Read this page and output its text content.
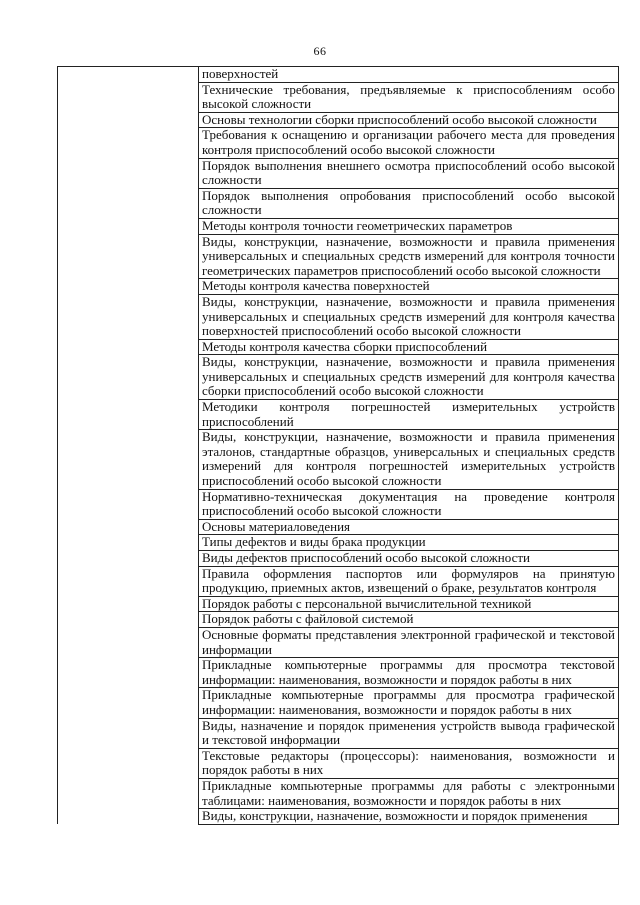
66
	поверхностей
Технические требования, предъявляемые к приспособлениям особо высокой сложности
Основы технологии сборки приспособлений особо высокой сложности
Требования к оснащению и организации рабочего места для проведения контроля приспособлений особо высокой сложности
Порядок выполнения внешнего осмотра приспособлений особо высокой сложности
Порядок выполнения опробования приспособлений особо высокой сложности
Методы контроля точности геометрических параметров
Виды, конструкции, назначение, возможности и правила применения универсальных и специальных средств измерений для контроля точности геометрических параметров приспособлений особо высокой сложности
Методы контроля качества поверхностей
Виды, конструкции, назначение, возможности и правила применения универсальных и специальных средств измерений для контроля качества поверхностей приспособлений особо высокой сложности
Методы контроля качества сборки приспособлений
Виды, конструкции, назначение, возможности и правила применения универсальных и специальных средств измерений для контроля качества сборки приспособлений особо высокой сложности
Методики контроля погрешностей измерительных устройств приспособлений
Виды, конструкции, назначение, возможности и правила применения эталонов, стандартные образцов, универсальных и специальных средств измерений для контроля погрешностей измерительных устройств приспособлений особо высокой сложности
Нормативно-техническая документация на проведение контроля приспособлений особо высокой сложности
Основы материаловедения
Типы дефектов и виды брака продукции
Виды дефектов приспособлений особо высокой сложности
Правила оформления паспортов или формуляров на принятую продукцию, приемных актов, извещений о браке, результатов контроля
Порядок работы с персональной вычислительной техникой
Порядок работы с файловой системой
Основные форматы представления электронной графической и текстовой информации
Прикладные компьютерные программы для просмотра текстовой информации: наименования, возможности и порядок работы в них
Прикладные компьютерные программы для просмотра графической информации: наименования, возможности и порядок работы в них
Виды, назначение и порядок применения устройств вывода графической и текстовой информации
Текстовые редакторы (процессоры): наименования, возможности и порядок работы в них
Прикладные компьютерные программы для работы с электронными таблицами: наименования, возможности и порядок работы в них
Виды, конструкции, назначение, возможности и порядок применения
